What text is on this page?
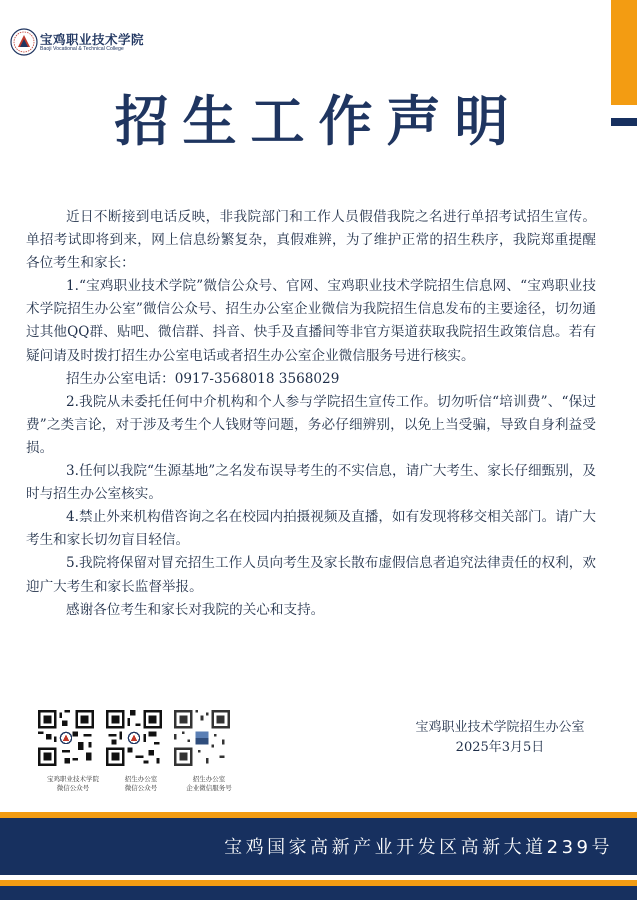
宝鸡职业技术学院
Baoji Vocational & Technical College
招生工作声明

近日不断接到电话反映，非我院部门和工作人员假借我院之名进行单招考试招生宣传。单招考试即将到来，网上信息纷繁复杂，真假难辨，为了维护正常的招生秩序，我院郑重提醒各位考生和家长：

1.“宝鸡职业技术学院”微信公众号、官网、宝鸡职业技术学院招生信息网、“宝鸡职业技术学院招生办公室”微信公众号、招生办公室企业微信为我院招生信息发布的主要途径，切勿通过其他QQ群、贴吧、微信群、抖音、快手及直播间等非官方渠道获取我院招生政策信息。若有疑问请及时拨打招生办公室电话或者招生办公室企业微信服务号进行核实。

招生办公室电话：0917-3568018 3568029

2.我院从未委托任何中介机构和个人参与学院招生宣传工作。切勿听信“培训费”、“保过费”之类言论，对于涉及考生个人钱财等问题，务必仔细辨别，以免上当受骗，导致自身利益受损。

3.任何以我院“生源基地”之名发布误导考生的不实信息，请广大考生、家长仔细甄别，及时与招生办公室核实。

4.禁止外来机构借咨询之名在校园内拍摄视频及直播，如有发现将移交相关部门。请广大考生和家长切勿盲目轻信。

5.我院将保留对冒充招生工作人员向考生及家长散布虚假信息者追究法律责任的权利，欢迎广大考生和家长监督举报。

感谢各位考生和家长对我院的关心和支持。

宝鸡职业技术学院
微信公众号
招生办公室
微信公众号
招生办公室
企业微信服务号
宝鸡职业技术学院招生办公室
2025年3月5日
宝鸡国家高新产业开发区高新大道239号
